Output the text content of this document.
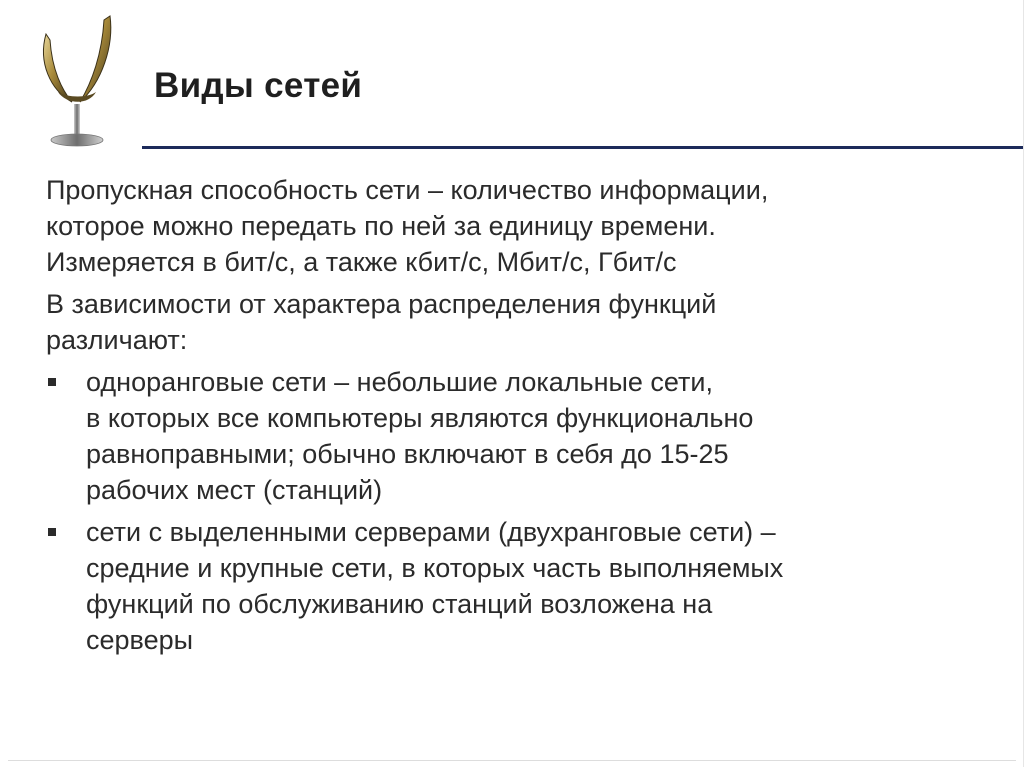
Виды сетей
Пропускная способность сети – количество информации,
которое можно передать по ней за единицу времени.
Измеряется в бит/с, а также кбит/с, Мбит/с, Гбит/с
В зависимости от характера распределения функций
различают:
одноранговые сети – небольшие локальные сети,
в которых все компьютеры являются функционально
равноправными; обычно включают в себя до 15-25
рабочих мест (станций)
сети с выделенными серверами (двухранговые сети) –
средние и крупные сети, в которых часть выполняемых
функций по обслуживанию станций возложена на
серверы
